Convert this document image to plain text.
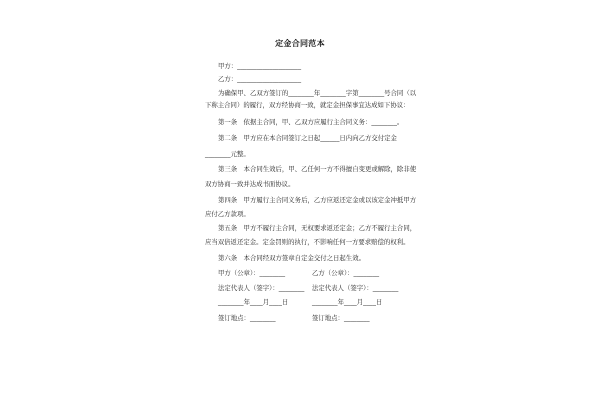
定金合同范本
甲方：____________________
乙方：____________________
为确保甲、乙双方签订的________年________字第________号合同（以
下称主合同）的履行，双方经协商一致，就定金担保事宜达成如下协议：
第一条　依据主合同，甲、乙双方应履行主合同义务：________。
第二条　甲方应在本合同签订之日起______日内向乙方交付定金
________元整。
第三条　本合同生效后，甲、乙任何一方不得擅自变更或解除，除非使
双方协商一致并达成书面协议。
第四条　甲方履行主合同义务后，乙方应返还定金或以该定金冲抵甲方
应付乙方款项。
第五条　甲方不履行主合同，无权要求返还定金；乙方不履行主合同，
应当双倍返还定金。定金罚则的执行，不影响任何一方要求赔偿的权利。
第六条　本合同经双方签章自定金交付之日起生效。
甲方（公章）：________	乙方（公章）：________
法定代表人（签字）：________ 法定代表人（签字）：________
________年____月____日	________年____月____日
签订地点：________	签订地点：________
